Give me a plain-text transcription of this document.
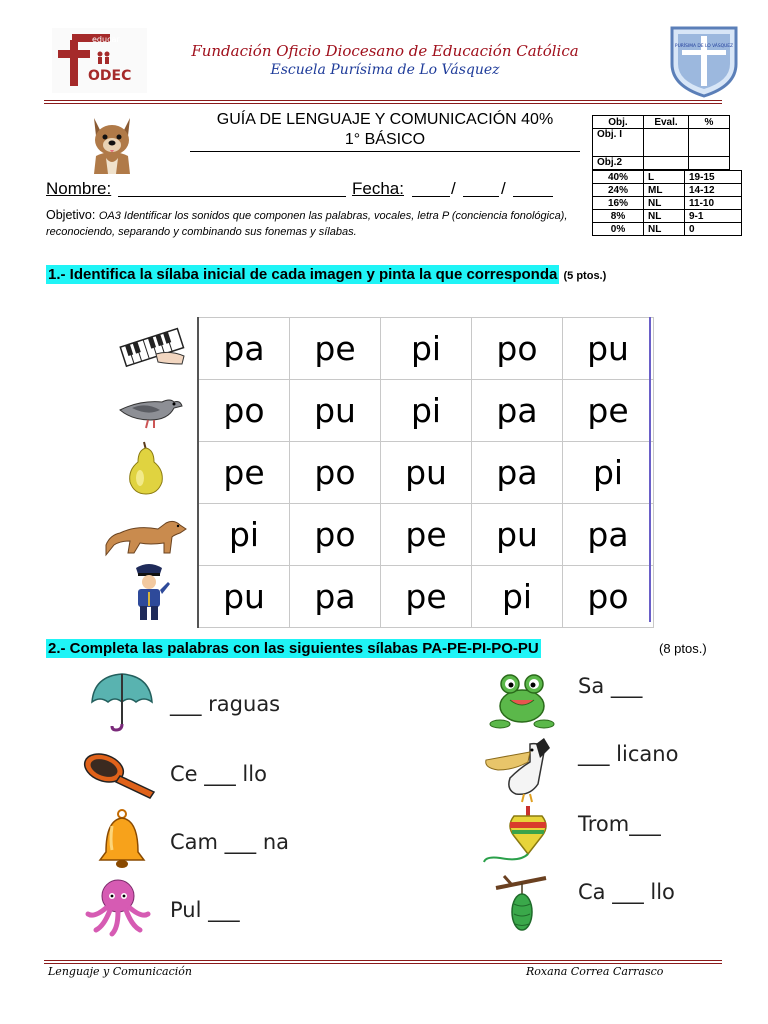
educar
ODEC
Fundación Oficio Diocesano de Educación Católica
Escuela Purísima de Lo Vásquez
PURÍSIMA DE LO VÁSQUEZ
GUÍA DE LENGUAJE Y COMUNICACIÓN 40%
1° BÁSICO
Nombre:	Fecha:	/	/
Objetivo: OA3 Identificar los sonidos que componen las palabras, vocales, letra P (conciencia fonológica), reconociendo, separando y combinando sus fonemas y sílabas.
Obj.	Eval.	%
Obj. I		
Obj.2		
40%	L	19-15
24%	ML	14-12
16%	NL	11-10
8%	NL	9-1
0%	NL	0
1.- Identifica la sílaba inicial de cada imagen y pinta la que corresponda (5 ptos.)
pa	pe	pi	po	pu
po	pu	pi	pa	pe
pe	po	pu	pa	pi
pi	po	pe	pu	pa
pu	pa	pe	pi	po
2.- Completa las palabras con las siguientes sílabas PA-PE-PI-PO-PU	(8 ptos.)
___ raguas
Ce ___ llo
Cam ___ na
Pul ___
Sa ___
___ licano
Trom___
Ca ___ llo
Lenguaje y Comunicación	Roxana Correa Carrasco
